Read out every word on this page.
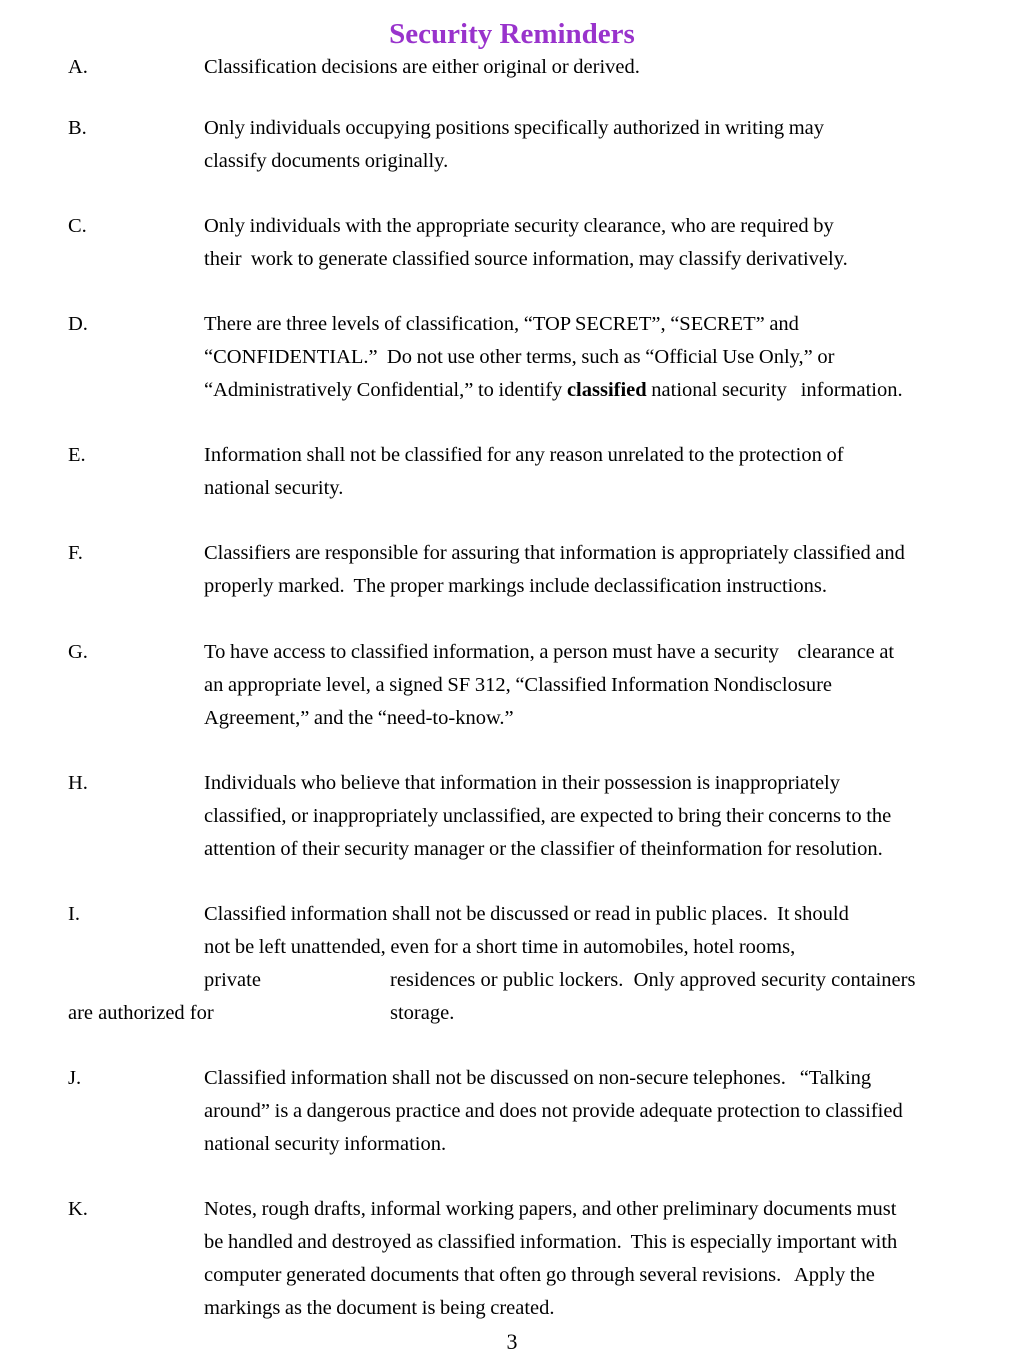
Security Reminders
A.	Classification decisions are either original or derived.
B.	Only individuals occupying positions specifically authorized in writing may
classify documents originally.
C.	Only individuals with the appropriate security clearance, who are required by
their  work to generate classified source information, may classify derivatively.
D.	There are three levels of classification, “TOP SECRET”, “SECRET” and
“CONFIDENTIAL.”  Do not use other terms, such as “Official Use Only,” or
“Administratively Confidential,” to identify classified national security   information.
E.	Information shall not be classified for any reason unrelated to the protection of
national security.
F.	Classifiers are responsible for assuring that information is appropriately classified and
properly marked.  The proper markings include declassification instructions.
G.	To have access to classified information, a person must have a security    clearance at
an appropriate level, a signed SF 312, “Classified Information Nondisclosure
Agreement,” and the “need-to-know.”
H.	Individuals who believe that information in their possession is inappropriately
classified, or inappropriately unclassified, are expected to bring their concerns to the
attention of their security manager or the classifier of theinformation for resolution.
I.	Classified information shall not be discussed or read in public places.  It should
not be left unattended, even for a short time in automobiles, hotel rooms,
private	residences or public lockers.  Only approved security containers
are authorized for	storage.
J.	Classified information shall not be discussed on non-secure telephones.   “Talking
around” is a dangerous practice and does not provide adequate protection to classified
national security information.
K.	Notes, rough drafts, informal working papers, and other preliminary documents must
be handled and destroyed as classified information.  This is especially important with
computer generated documents that often go through several revisions.   Apply the
markings as the document is being created.
3
